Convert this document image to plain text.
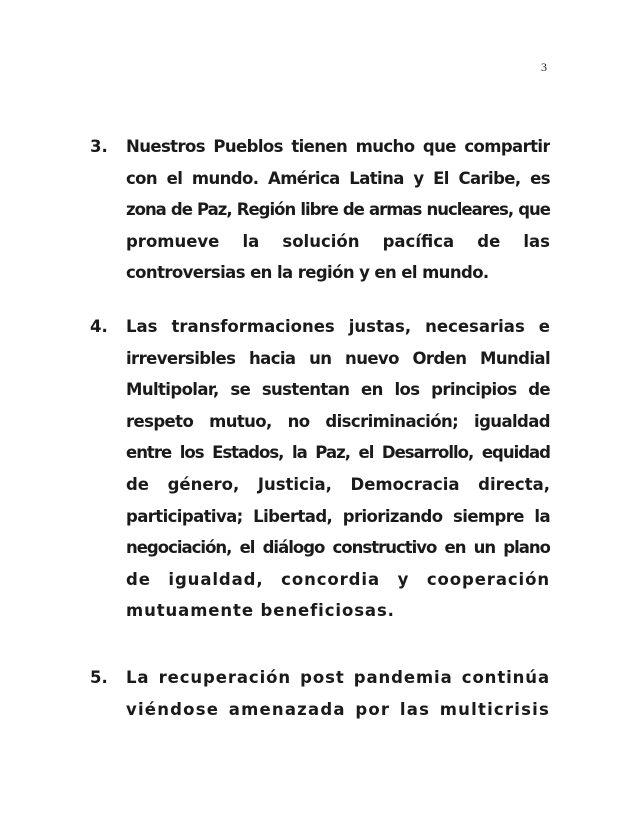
3
3. Nuestros Pueblos tienen mucho que compartir
con el mundo. América Latina y El Caribe, es
zona de Paz, Región libre de armas nucleares, que
promueve la solución pacífica de las
controversias en la región y en el mundo.
4. Las transformaciones justas, necesarias e
irreversibles hacia un nuevo Orden Mundial
Multipolar, se sustentan en los principios de
respeto mutuo, no discriminación; igualdad
entre los Estados, la Paz, el Desarrollo, equidad
de género, Justicia, Democracia directa,
participativa; Libertad, priorizando siempre la
negociación, el diálogo constructivo en un plano
de igualdad, concordia y cooperación
mutuamente beneficiosas.
5. La recuperación post pandemia continúa
viéndose amenazada por las multicrisis
